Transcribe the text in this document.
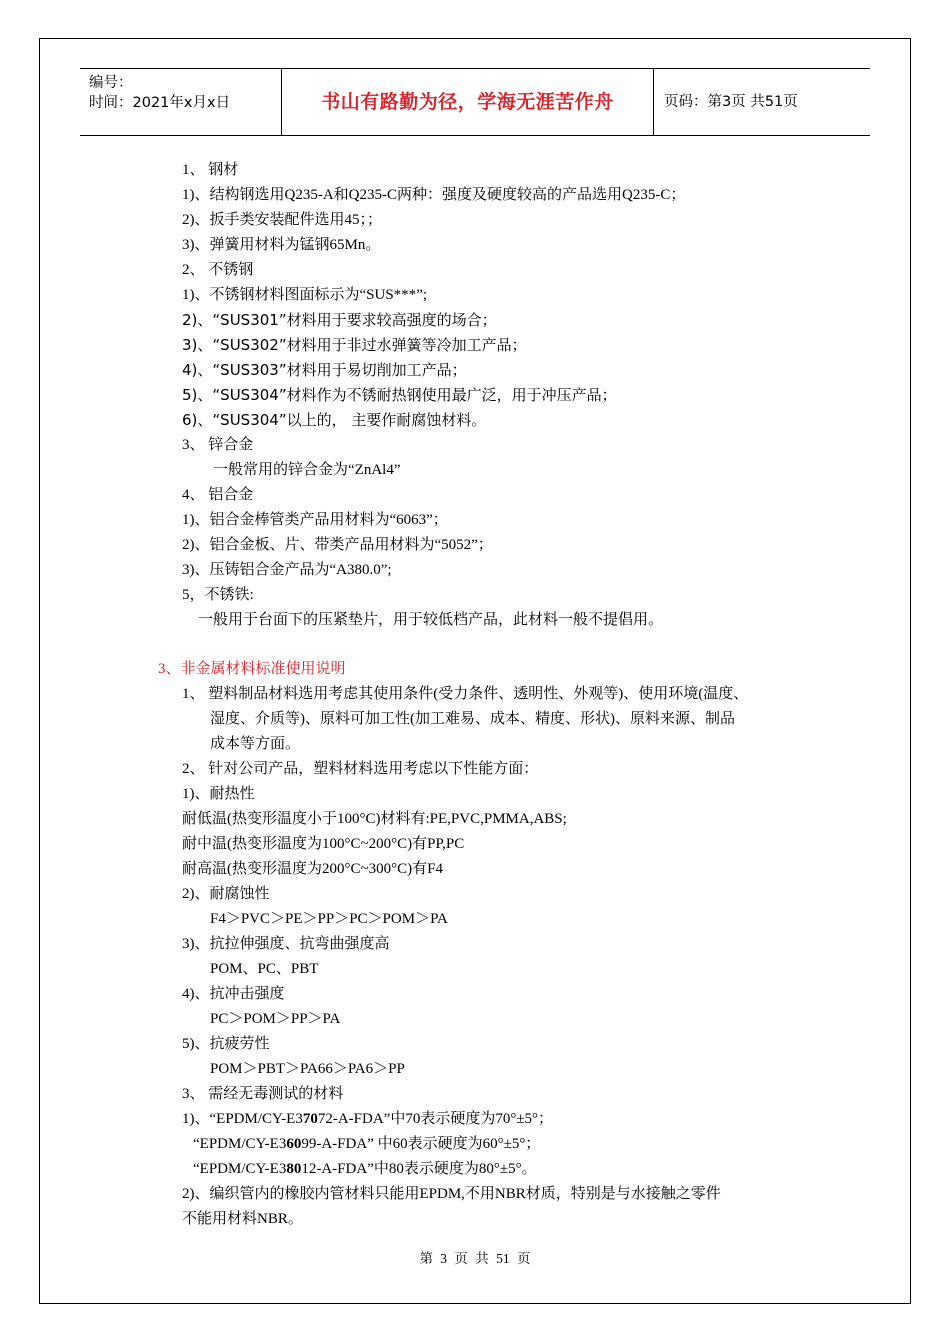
编号：
时间：2021年x月x日	书山有路勤为径，学海无涯苦作舟	页码：第3页 共51页
1、 钢材
1)、结构钢选用Q235-A和Q235-C两种：强度及硬度较高的产品选用Q235-C；
2)、扳手类安装配件选用45；；
3)、弹簧用材料为锰钢65Mn。
2、 不锈钢
1)、不锈钢材料图面标示为“SUS***”;
2)、“SUS301”材料用于要求较高强度的场合；
3)、“SUS302”材料用于非过水弹簧等冷加工产品；
4)、“SUS303”材料用于易切削加工产品；
5)、“SUS304”材料作为不锈耐热钢使用最广泛，用于冲压产品；
6)、“SUS304”以上的， 主要作耐腐蚀材料。
3、 锌合金
一般常用的锌合金为“ZnAl4”
4、 铝合金
1)、铝合金棒管类产品用材料为“6063”；
2)、铝合金板、片、带类产品用材料为“5052”；
3)、压铸铝合金产品为“A380.0”;
5，不锈铁:
一般用于台面下的压紧垫片，用于较低档产品，此材料一般不提倡用。
3、非金属材料标准使用说明
1、 塑料制品材料选用考虑其使用条件(受力条件、透明性、外观等)、使用环境(温度、
湿度、介质等)、原料可加工性(加工难易、成本、精度、形状)、原料来源、制品
成本等方面。
2、 针对公司产品，塑料材料选用考虑以下性能方面：
1)、耐热性
耐低温(热变形温度小于100°C)材料有:PE,PVC,PMMA,ABS;
耐中温(热变形温度为100°C~200°C)有PP,PC
耐高温(热变形温度为200°C~300°C)有F4
2)、耐腐蚀性
F4＞PVC＞PE＞PP＞PC＞POM＞PA
3)、抗拉伸强度、抗弯曲强度高
POM、PC、PBT
4)、抗冲击强度
PC＞POM＞PP＞PA
5)、抗疲劳性
POM＞PBT＞PA66＞PA6＞PP
3、 需经无毒测试的材料
1)、“EPDM/CY-E37072-A-FDA”中70表示硬度为70°±5°；
“EPDM/CY-E36099-A-FDA” 中60表示硬度为60°±5°；
“EPDM/CY-E38012-A-FDA”中80表示硬度为80°±5°。
2)、编织管内的橡胶内管材料只能用EPDM,不用NBR材质，特别是与水接触之零件
不能用材料NBR。
第 3 页 共 51 页
